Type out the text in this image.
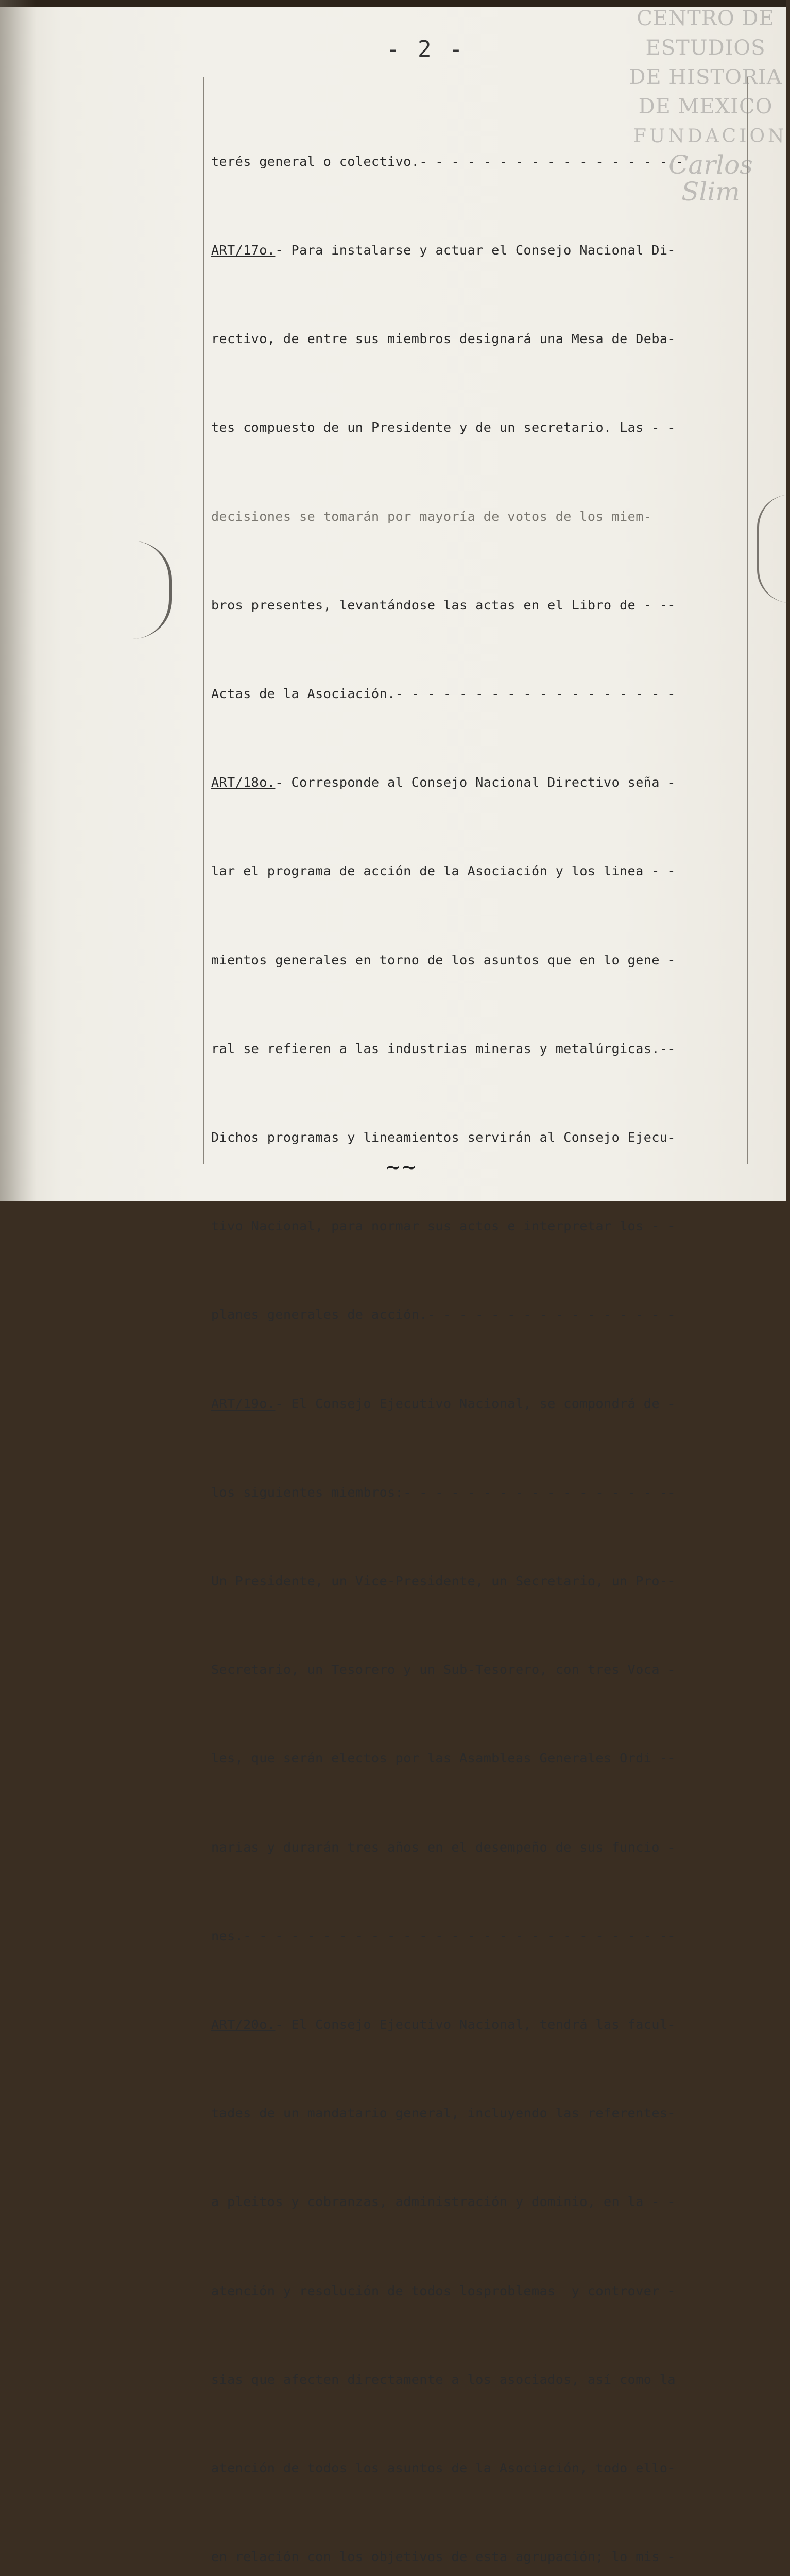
- 2 -
CENTRO DE
ESTUDIOS
DE HISTORIA
DE MEXICO
FUNDACION
Carlos Slim

terés general o colectivo.- - - - - - - - - - - - - - - - -

ART/17o.- Para instalarse y actuar el Consejo Nacional Di-

rectivo, de entre sus miembros designará una Mesa de Deba-

tes compuesto de un Presidente y de un secretario. Las - -

decisiones se tomarán por mayoría de votos de los miem-

bros presentes, levantándose las actas en el Libro de - --

Actas de la Asociación.- - - - - - - - - - - - - - - - - -

ART/18o.- Corresponde al Consejo Nacional Directivo seña -

lar el programa de acción de la Asociación y los linea - -

mientos generales en torno de los asuntos que en lo gene -

ral se refieren a las industrias mineras y metalúrgicas.--

Dichos programas y lineamientos servirán al Consejo Ejecu-

tivo Nacional, para normar sus actos e interpretar los - -

planes generales de acción.- - - - - - - - - - - - - - - -

ART/19o.- El Consejo Ejecutivo Nacional, se compondrá de -

los siguientes miembros:- - - - - - - - - - - - - - - - --

Un Presidente, un Vice-Presidente, un Secretario, un Pro--

Secretario, un Tesorero y un Sub-Tesorero, con tres Voca -

les, que serán electos por las Asambleas Generales Ordi --

narias y durarán tres años en el desempeño de sus funcio -

nes.- - - - - - - - - - - - - - - - - - - - - - - - - - --

ART/20o.- El Consejo Ejecutivo Nacional, tendrá las facul-

tades de un mandatario general, incluyendo las referentes-

a pleitos y cobranzas, administración y dominio, en la - -

atención y resolución de todos losproblemas  y controver -

sias que afecten directamente a los asociados, así como la

atención de todos los asuntos de la Asociación, todo ello-

en relación con los objetivos de esta agrupación; lo mis -

~~
